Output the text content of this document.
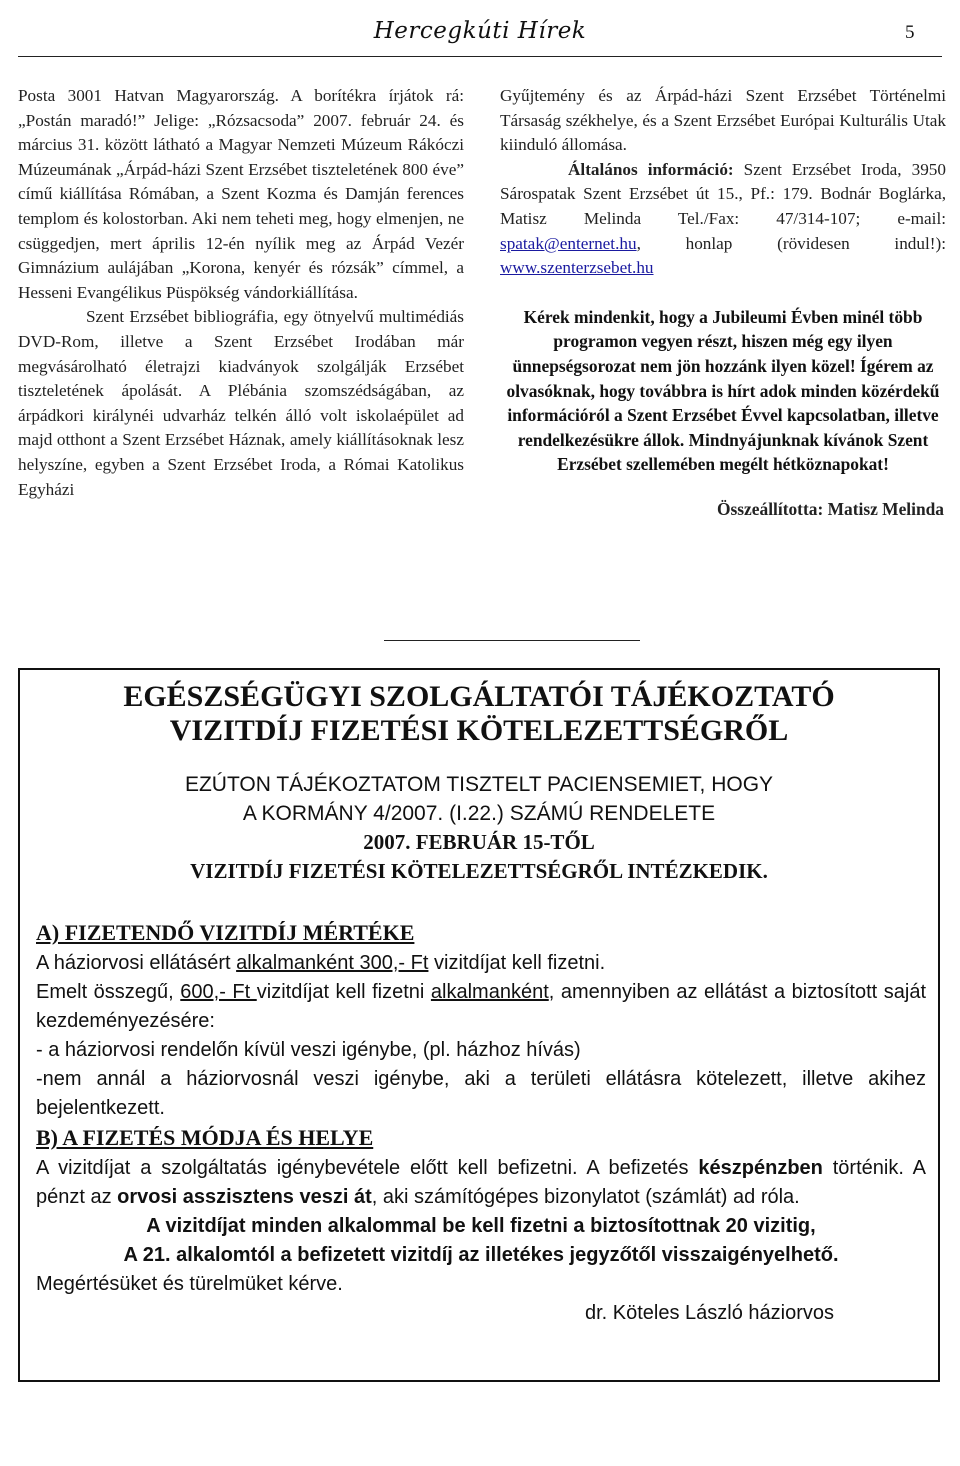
Hercegkúti Hírek	5

Posta 3001 Hatvan Magyarország. A borítékra írjátok rá: „Postán maradó!” Jelige: „Rózsacsoda” 2007. február 24. és március 31. között látható a Magyar Nemzeti Múzeum Rákóczi Múzeumának „Árpád-házi Szent Erzsébet tiszteletének 800 éve” című kiállítása Rómában, a Szent Kozma és Damján ferences templom és kolostorban. Aki nem teheti meg, hogy elmenjen, ne csüggedjen, mert április 12-én nyílik meg az Árpád Vezér Gimnázium aulájában „Korona, kenyér és rózsák” címmel, a Hesseni Evangélikus Püspökség vándorkiállítása.

Szent Erzsébet bibliográfia, egy ötnyelvű multimédiás DVD-Rom, illetve a Szent Erzsébet Irodában már megvásárolható életrajzi kiadványok szolgálják Erzsébet tiszteletének ápolását. A Plébánia szomszédságában, az árpádkori királynéi udvarház telkén álló volt iskolaépület ad majd otthont a Szent Erzsébet Háznak, amely kiállításoknak lesz helyszíne, egyben a Szent Erzsébet Iroda, a Római Katolikus Egyházi

Gyűjtemény és az Árpád-házi Szent Erzsébet Történelmi Társaság székhelye, és a Szent Erzsébet Európai Kulturális Utak kiinduló állomása.

Általános információ: Szent Erzsébet Iroda, 3950 Sárospatak Szent Erzsébet út 15., Pf.: 179. Bodnár Boglárka, Matisz Melinda Tel./Fax: 47/314-107; e-mail: spatak@enternet.hu, honlap (rövidesen indul!): www.szenterzsebet.hu

Kérek mindenkit, hogy a Jubileumi Évben minél több programon vegyen részt, hiszen még egy ilyen ünnepségsorozat nem jön hozzánk ilyen közel! Ígérem az olvasóknak, hogy továbbra is hírt adok minden közérdekű információról a Szent Erzsébet Évvel kapcsolatban, illetve rendelkezésükre állok. Mindnyájunknak kívánok Szent Erzsébet szellemében megélt hétköznapokat!

Összeállította: Matisz Melinda

EGÉSZSÉGÜGYI SZOLGÁLTATÓI TÁJÉKOZTATÓ
VIZITDÍJ FIZETÉSI KÖTELEZETTSÉGRŐL
EZÚTON TÁJÉKOZTATOM TISZTELT PACIENSEMIET, HOGY
A KORMÁNY 4/2007. (I.22.) SZÁMÚ RENDELETE
2007. FEBRUÁR 15-TŐL
VIZITDÍJ FIZETÉSI KÖTELEZETTSÉGRŐL INTÉZKEDIK.

A) FIZETENDŐ VIZITDÍJ MÉRTÉKE

A háziorvosi ellátásért alkalmanként 300,- Ft vizitdíjat kell fizetni.

Emelt összegű, 600,- Ft vizitdíjat kell fizetni alkalmanként, amennyiben az ellátást a biztosított saját kezdeményezésére:

- a háziorvosi rendelőn kívül veszi igénybe, (pl. házhoz hívás)

-nem annál a háziorvosnál veszi igénybe, aki a területi ellátásra kötelezett, illetve akihez bejelentkezett.

B) A FIZETÉS MÓDJA ÉS HELYE

A vizitdíjat a szolgáltatás igénybevétele előtt kell befizetni. A befizetés készpénzben történik. A pénzt az orvosi asszisztens veszi át, aki számítógépes bizonylatot (számlát) ad róla.

A vizitdíjat minden alkalommal be kell fizetni a biztosítottnak 20 vizitig,

A 21. alkalomtól a befizetett vizitdíj az illetékes jegyzőtől visszaigényelhető.

Megértésüket és türelmüket kérve.

dr. Köteles László háziorvos
